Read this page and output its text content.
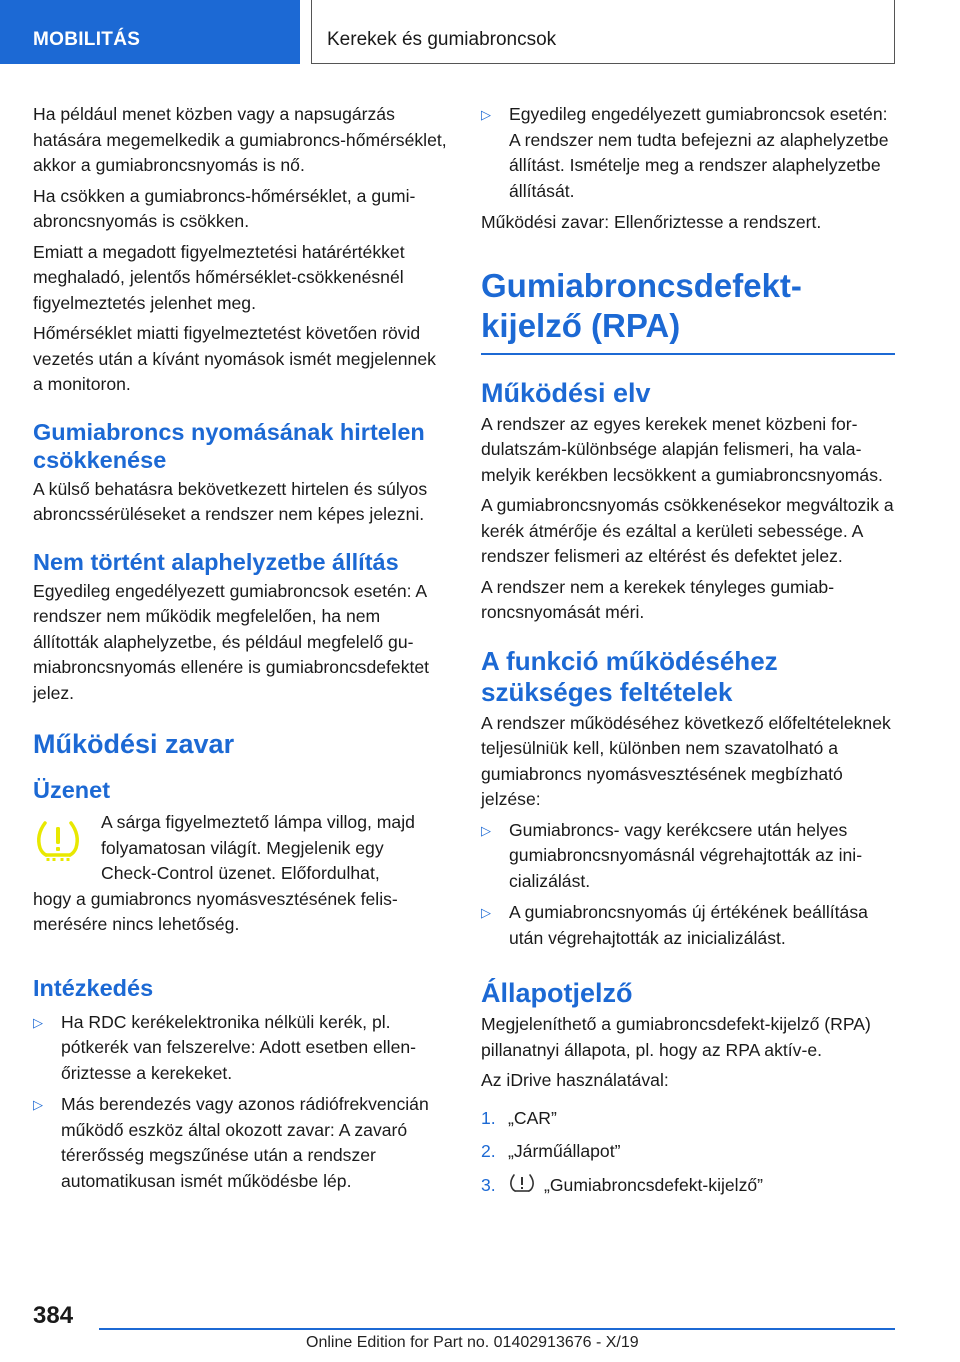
MOBILITÁS	Kerekek és gumiabroncsok

Ha például menet közben vagy a napsugárzás hatására megemelkedik a gumiabroncs-hőmérséklet, akkor a gumiabroncsnyomás is nő.

Ha csökken a gumiabroncs-hőmérséklet, a gumiabroncsnyomás is csökken.

Emiatt a megadott figyelmeztetési határértékket meghaladó, jelentős hőmérséklet-csökkenésnél figyelmeztetés jelenhet meg.

Hőmérséklet miatti figyelmeztetést követően rövid vezetés után a kívánt nyomások ismét megjelennek a monitoron.

Gumiabroncs nyomásának hirtelen csökkenése

A külső behatásra bekövetkezett hirtelen és súlyos abroncssérüléseket a rendszer nem képes jelezni.

Nem történt alaphelyzetbe állítás

Egyedileg engedélyezett gumiabroncsok esetén: A rendszer nem működik megfelelően, ha nem állították alaphelyzetbe, és például megfelelő gumiabroncsnyomás ellenére is gumiabroncsdefektet jelez.

Működési zavar
Üzenet

A sárga figyelmeztető lámpa villog, majd

folyamatosan világít. Megjelenik egy

Check-Control üzenet. Előfordulhat,

hogy a gumiabroncs nyomásvesztésének felismerésére nincs lehetőség.

Intézkedés
▷	Ha RDC kerékelektronika nélküli kerék, pl. pótkerék van felszerelve: Adott esetben ellenőriztesse a kerekeket.

▷	Más berendezés vagy azonos rádiófrekvencián működő eszköz által okozott zavar: A zavaró térerősség megszűnése után a rendszer automatikusan ismét működésbe lép.

▷	Egyedileg engedélyezett gumiabroncsok esetén: A rendszer nem tudta befejezni az alaphelyzetbe állítást. Ismételje meg a rendszer alaphelyzetbe állítását.

Működési zavar: Ellenőriztesse a rendszert.

Gumiabroncsdefekt-kijelző (RPA)
Működési elv

A rendszer az egyes kerekek menet közbeni fordulatszám-különbsége alapján felismeri, ha valamelyik kerékben lecsökkent a gumiabroncsnyomás.

A gumiabroncsnyomás csökkenésekor megváltozik a kerék átmérője és ezáltal a kerületi sebessége. A rendszer felismeri az eltérést és defektet jelez.

A rendszer nem a kerekek tényleges gumiabroncsnyomását méri.

A funkció működéséhez szükséges feltételek

A rendszer működéséhez következő előfeltételeknek teljesülniük kell, különben nem szavatolható a gumiabroncs nyomásvesztésének megbízható jelzése:

▷	Gumiabroncs- vagy kerékcsere után helyes gumiabroncsnyomásnál végrehajtották az inicializálást.

▷	A gumiabroncsnyomás új értékének beállítása után végrehajtották az inicializálást.

Állapotjelző

Megjeleníthető a gumiabroncsdefekt-kijelző (RPA) pillanatnyi állapota, pl. hogy az RPA aktív-e.

Az iDrive használatával:

1. „CAR”

2. „Járműállapot”

3.	„Gumiabroncsdefekt-kijelző”

384
Online Edition for Part no. 01402913676 - X/19
